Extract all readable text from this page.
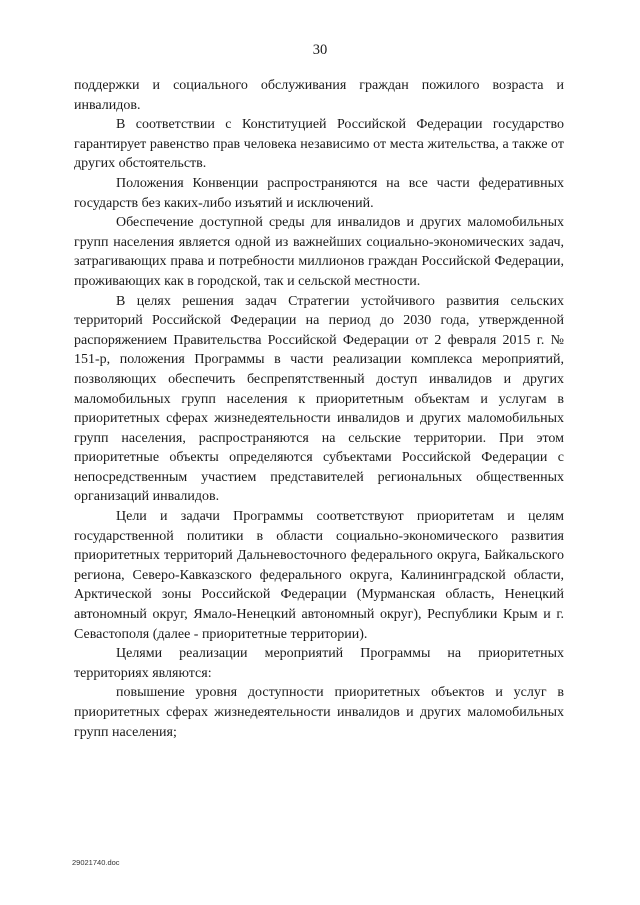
30

поддержки и социального обслуживания граждан пожилого возраста и инвалидов.

В соответствии с Конституцией Российской Федерации государство гарантирует равенство прав человека независимо от места жительства, а также от других обстоятельств.

Положения Конвенции распространяются на все части федеративных государств без каких-либо изъятий и исключений.

Обеспечение доступной среды для инвалидов и других маломобильных групп населения является одной из важнейших социально-экономических задач, затрагивающих права и потребности миллионов граждан Российской Федерации, проживающих как в городской, так и сельской местности.

В целях решения задач Стратегии устойчивого развития сельских территорий Российской Федерации на период до 2030 года, утвержденной распоряжением Правительства Российской Федерации от 2 февраля 2015 г. № 151-р, положения Программы в части реализации комплекса мероприятий, позволяющих обеспечить беспрепятственный доступ инвалидов и других маломобильных групп населения к приоритетным объектам и услугам в приоритетных сферах жизнедеятельности инвалидов и других маломобильных групп населения, распространяются на сельские территории. При этом приоритетные объекты определяются субъектами Российской Федерации с непосредственным участием представителей региональных общественных организаций инвалидов.

Цели и задачи Программы соответствуют приоритетам и целям государственной политики в области социально-экономического развития приоритетных территорий Дальневосточного федерального округа, Байкальского региона, Северо-Кавказского федерального округа, Калининградской области, Арктической зоны Российской Федерации (Мурманская область, Ненецкий автономный округ, Ямало-Ненецкий автономный округ), Республики Крым и г. Севастополя (далее - приоритетные территории).

Целями реализации мероприятий Программы на приоритетных территориях являются:

повышение уровня доступности приоритетных объектов и услуг в приоритетных сферах жизнедеятельности инвалидов и других маломобильных групп населения;

29021740.doc
